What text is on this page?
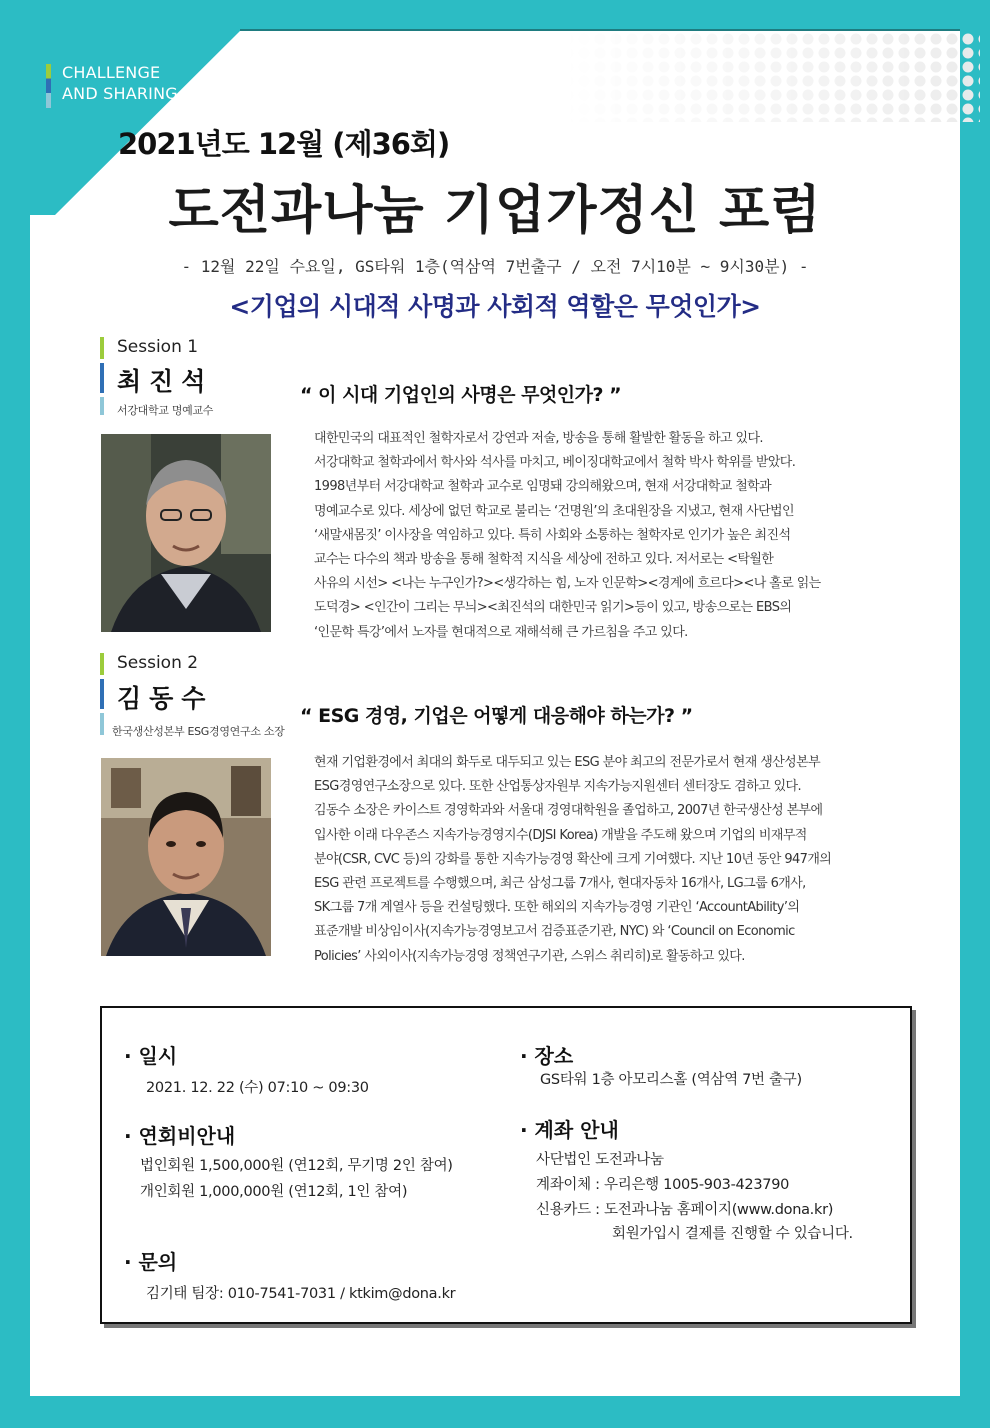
CHALLENGE
AND SHARING
2021년도 12월 (제36회)
도전과나눔 기업가정신 포럼
- 12월 22일 수요일, GS타워 1층(역삼역 7번출구 / 오전 7시10분 ~ 9시30분) -
<기업의 시대적 사명과 사회적 역할은 무엇인가>
Session 1
최진석
서강대학교 명예교수
“ 이 시대 기업인의 사명은 무엇인가? ”

대한민국의 대표적인 철학자로서 강연과 저술, 방송을 통해 활발한 활동을 하고 있다.

서강대학교 철학과에서 학사와 석사를 마치고, 베이징대학교에서 철학 박사 학위를 받았다.

1998년부터 서강대학교 철학과 교수로 임명돼 강의해왔으며, 현재 서강대학교 철학과

명예교수로 있다. 세상에 없던 학교로 불리는 ‘건명원’의 초대원장을 지냈고, 현재 사단법인

‘새말새몸짓’ 이사장을 역임하고 있다. 특히 사회와 소통하는 철학자로 인기가 높은 최진석

교수는 다수의 책과 방송을 통해 철학적 지식을 세상에 전하고 있다. 저서로는 <탁월한

사유의 시선> <나는 누구인가?><생각하는 힘, 노자 인문학><경계에 흐르다><나 홀로 읽는

도덕경> <인간이 그리는 무늬><최진석의 대한민국 읽기>등이 있고, 방송으로는 EBS의

‘인문학 특강’에서 노자를 현대적으로 재해석해 큰 가르침을 주고 있다.

Session 2
김동수
한국생산성본부 ESG경영연구소 소장
“ ESG 경영, 기업은 어떻게 대응해야 하는가? ”

현재 기업환경에서 최대의 화두로 대두되고 있는 ESG 분야 최고의 전문가로서 현재 생산성본부

ESG경영연구소장으로 있다. 또한 산업통상자원부 지속가능지원센터 센터장도 겸하고 있다.

김동수 소장은 카이스트 경영학과와 서울대 경영대학원을 졸업하고, 2007년 한국생산성 본부에

입사한 이래 다우존스 지속가능경영지수(DJSI Korea) 개발을 주도해 왔으며 기업의 비재무적

분야(CSR, CVC 등)의 강화를 통한 지속가능경영 확산에 크게 기여했다. 지난 10년 동안 947개의

ESG 관련 프로젝트를 수행했으며, 최근 삼성그룹 7개사, 현대자동차 16개사, LG그룹 6개사,

SK그룹 7개 계열사 등을 컨설팅했다. 또한 해외의 지속가능경영 기관인 ‘AccountAbility’의

표준개발 비상임이사(지속가능경영보고서 검증표준기관, NYC) 와 ‘Council on Economic

Policies’ 사외이사(지속가능경영 정책연구기관, 스위스 취리히)로 활동하고 있다.

· 일시
2021. 12. 22 (수) 07:10 ~ 09:30
· 연회비안내
법인회원 1,500,000원 (연12회, 무기명 2인 참여)
개인회원 1,000,000원 (연12회, 1인 참여)
· 문의
김기태 팀장: 010-7541-7031 / ktkim@dona.kr
· 장소
GS타워 1층 아모리스홀 (역삼역 7번 출구)
· 계좌 안내
사단법인 도전과나눔
계좌이체 : 우리은행 1005-903-423790
신용카드 : 도전과나눔 홈페이지(www.dona.kr)
회원가입시 결제를 진행할 수 있습니다.
